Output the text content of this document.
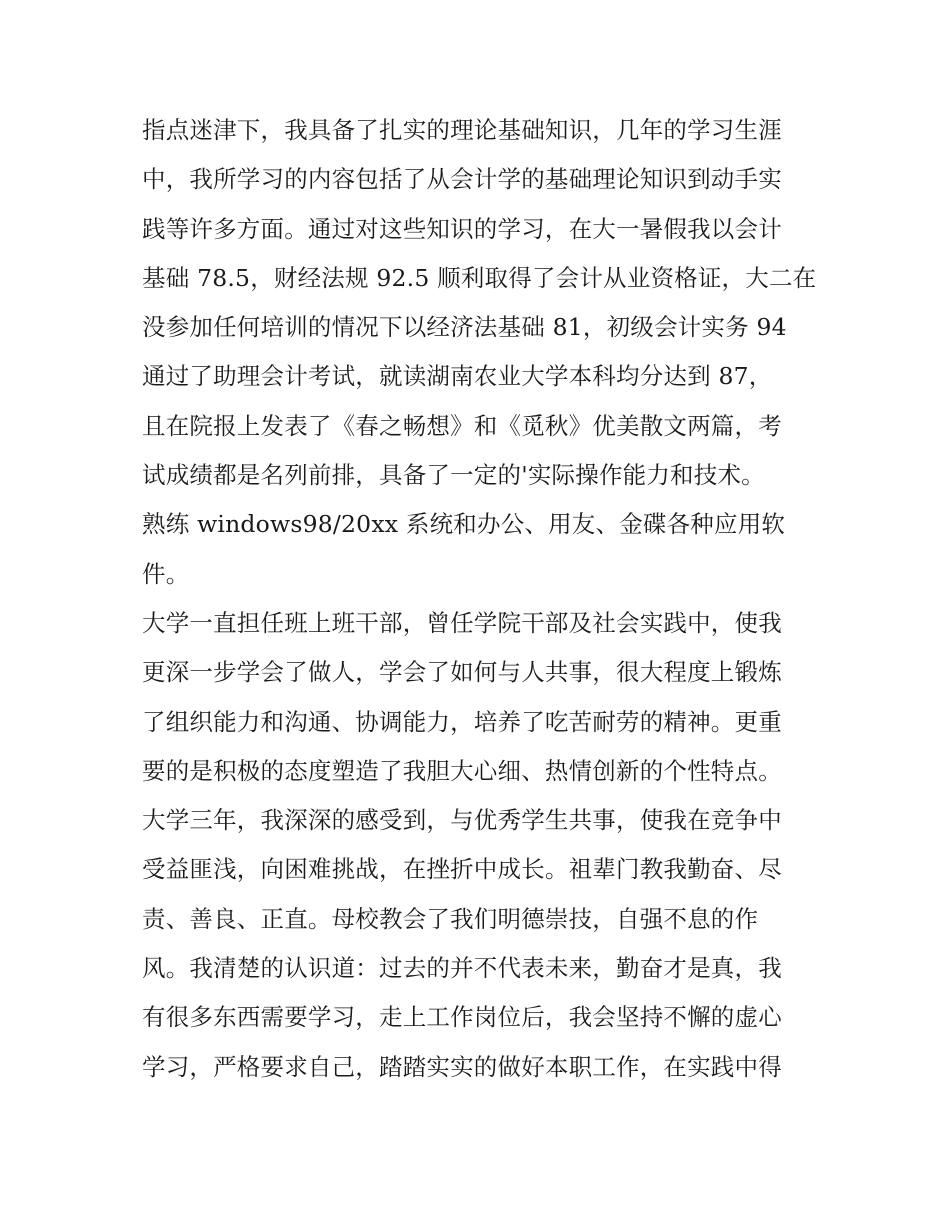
指点迷津下，我具备了扎实的理论基础知识，几年的学习生涯
中，我所学习的内容包括了从会计学的基础理论知识到动手实
践等许多方面。通过对这些知识的学习，在大一暑假我以会计
基础 78.5，财经法规 92.5 顺利取得了会计从业资格证，大二在
没参加任何培训的情况下以经济法基础 81，初级会计实务 94
通过了助理会计考试，就读湖南农业大学本科均分达到 87，
且在院报上发表了《春之畅想》和《觅秋》优美散文两篇，考
试成绩都是名列前排，具备了一定的'实际操作能力和技术。
熟练 windows98/20xx 系统和办公、用友、金碟各种应用软
件。
大学一直担任班上班干部，曾任学院干部及社会实践中，使我
更深一步学会了做人，学会了如何与人共事，很大程度上锻炼
了组织能力和沟通、协调能力，培养了吃苦耐劳的精神。更重
要的是积极的态度塑造了我胆大心细、热情创新的个性特点。
大学三年，我深深的感受到，与优秀学生共事，使我在竞争中
受益匪浅，向困难挑战，在挫折中成长。祖辈门教我勤奋、尽
责、善良、正直。母校教会了我们明德崇技，自强不息的作
风。我清楚的认识道：过去的并不代表未来，勤奋才是真，我
有很多东西需要学习，走上工作岗位后，我会坚持不懈的虚心
学习，严格要求自己，踏踏实实的做好本职工作，在实践中得
